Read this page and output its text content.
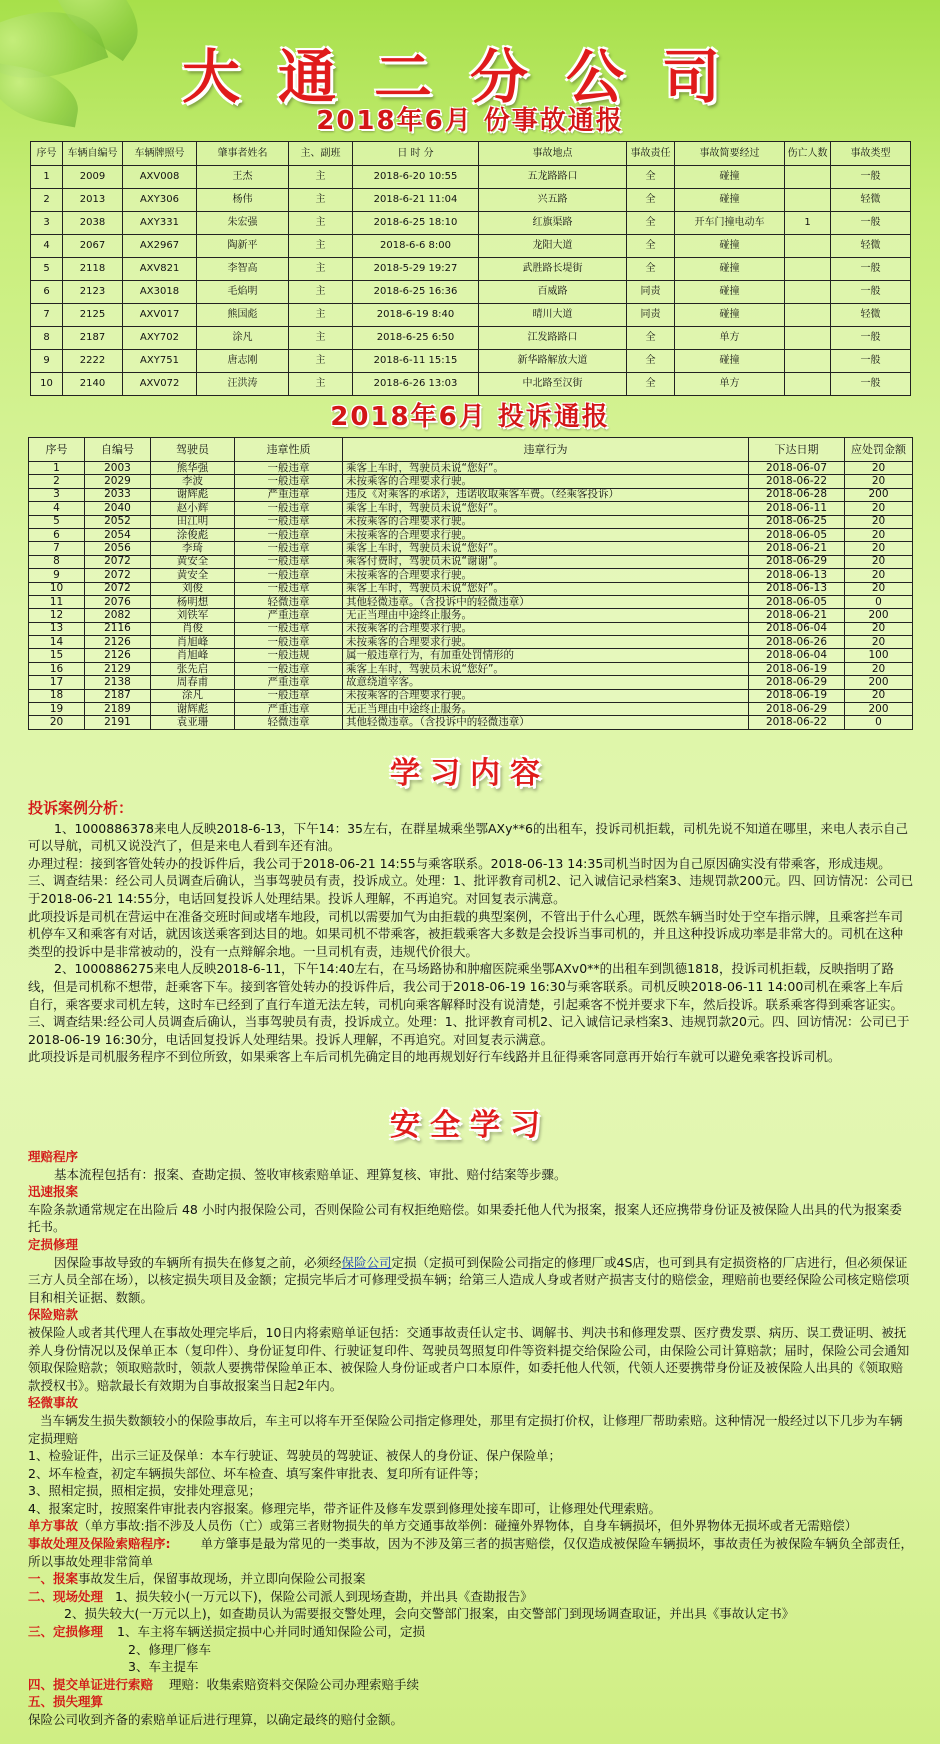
大通二分公司
2018年6月 份事故通报
序号	车辆自编号	车辆牌照号	肇事者姓名	主、副班	日 时 分	事故地点	事故责任	事故简要经过	伤亡人数	事故类型
1	2009	AXV008	王杰	主	2018-6-20 10:55	五龙路路口	全	碰撞		一般
2	2013	AXY306	杨伟	主	2018-6-21 11:04	兴五路	全	碰撞		轻微
3	2038	AXY331	朱宏强	主	2018-6-25 18:10	红旗渠路	全	开车门撞电动车	1	一般
4	2067	AX2967	陶新平	主	2018-6-6 8:00	龙阳大道	全	碰撞		轻微
5	2118	AXV821	李智高	主	2018-5-29 19:27	武胜路长堤街	全	碰撞		一般
6	2123	AX3018	毛焰明	主	2018-6-25 16:36	百威路	同责	碰撞		一般
7	2125	AXV017	熊国彪	主	2018-6-19 8:40	晴川大道	同责	碰撞		轻微
8	2187	AXY702	涂凡	主	2018-6-25 6:50	江发路路口	全	单方		一般
9	2222	AXY751	唐志刚	主	2018-6-11 15:15	新华路解放大道	全	碰撞		一般
10	2140	AXV072	汪洪涛	主	2018-6-26 13:03	中北路至汉街	全	单方		一般
2018年6月 投诉通报
序号	自编号	驾驶员	违章性质	违章行为	下达日期	应处罚金额
1	2003	熊华强	一般违章	乘客上车时，驾驶员未说“您好”。	2018-06-07	20
2	2029	李波	一般违章	未按乘客的合理要求行驶。	2018-06-22	20
3	2033	谢辉彪	严重违章	违反《对乘客的承诺》，违诺收取乘客车费。（经乘客投诉）	2018-06-28	200
4	2040	赵小辉	一般违章	乘客上车时，驾驶员未说“您好”。	2018-06-11	20
5	2052	田江明	一般违章	未按乘客的合理要求行驶。	2018-06-25	20
6	2054	涂俊彪	一般违章	未按乘客的合理要求行驶。	2018-06-05	20
7	2056	李琦	一般违章	乘客上车时，驾驶员未说“您好”。	2018-06-21	20
8	2072	黄安全	一般违章	乘客付费时，驾驶员未说“谢谢”。	2018-06-29	20
9	2072	黄安全	一般违章	未按乘客的合理要求行驶。	2018-06-13	20
10	2072	刘俊	一般违章	乘客上车时，驾驶员未说“您好”。	2018-06-13	20
11	2076	杨明想	轻微违章	其他轻微违章。（含投诉中的轻微违章）	2018-06-05	0
12	2082	刘铁军	严重违章	无正当理由中途终止服务。	2018-06-21	200
13	2116	肖俊	一般违章	未按乘客的合理要求行驶。	2018-06-04	20
14	2126	肖旭峰	一般违章	未按乘客的合理要求行驶。	2018-06-26	20
15	2126	肖旭峰	一般违规	属一般违章行为，有加重处罚情形的	2018-06-04	100
16	2129	张先启	一般违章	乘客上车时，驾驶员未说“您好”。	2018-06-19	20
17	2138	周春甫	严重违章	故意绕道宰客。	2018-06-29	200
18	2187	涂凡	一般违章	未按乘客的合理要求行驶。	2018-06-19	20
19	2189	谢辉彪	严重违章	无正当理由中途终止服务。	2018-06-29	200
20	2191	袁亚珊	轻微违章	其他轻微违章。（含投诉中的轻微违章）	2018-06-22	0
学习内容

投诉案例分析：

1、1000886378来电人反映2018-6-13，下午14：35左右，在群星城乘坐鄂AXy**6的出租车，投诉司机拒载，司机先说不知道在哪里，来电人表示自己可以导航，司机又说没汽了，但是来电人看到车还有油。

办理过程：接到客管处转办的投诉件后，我公司于2018-06-21 14:55与乘客联系。2018-06-13 14:35司机当时因为自己原因确实没有带乘客，形成违规。三、调查结果：经公司人员调查后确认，当事驾驶员有责，投诉成立。处理：1、批评教育司机2、记入诚信记录档案3、违规罚款200元。四、回访情况：公司已于2018-06-21 14:55分，电话回复投诉人处理结果。投诉人理解，不再追究。对回复表示满意。

此项投诉是司机在营运中在准备交班时间或堵车地段，司机以需要加气为由拒载的典型案例，不管出于什么心理，既然车辆当时处于空车指示牌，且乘客拦车司机停车又和乘客有对话，就因该送乘客到达目的地。如果司机不带乘客，被拒载乘客大多数是会投诉当事司机的，并且这种投诉成功率是非常大的。司机在这种类型的投诉中是非常被动的，没有一点辩解余地。一旦司机有责，违规代价很大。

2、1000886275来电人反映2018-6-11，下午14:40左右，在马场路协和肿瘤医院乘坐鄂AXv0**的出租车到凯德1818，投诉司机拒载，反映指明了路线，但是司机称不想带，赶乘客下车。接到客管处转办的投诉件后，我公司于2018-06-19 16:30与乘客联系。司机反映2018-06-11 14:00司机在乘客上车后自行，乘客要求司机左转，这时车已经到了直行车道无法左转，司机向乘客解释时没有说清楚，引起乘客不悦并要求下车，然后投诉。联系乘客得到乘客证实。三、调查结果:经公司人员调查后确认，当事驾驶员有责，投诉成立。处理：1、批评教育司机2、记入诚信记录档案3、违规罚款20元。四、回访情况：公司已于2018-06-19 16:30分，电话回复投诉人处理结果。投诉人理解，不再追究。对回复表示满意。

此项投诉是司机服务程序不到位所致，如果乘客上车后司机先确定目的地再规划好行车线路并且征得乘客同意再开始行车就可以避免乘客投诉司机。

安全学习

理赔程序

基本流程包括有：报案、查勘定损、签收审核索赔单证、理算复核、审批、赔付结案等步骤。

迅速报案

车险条款通常规定在出险后 48 小时内报保险公司，否则保险公司有权拒绝赔偿。如果委托他人代为报案，报案人还应携带身份证及被保险人出具的代为报案委托书。

定损修理

因保险事故导致的车辆所有损失在修复之前，必须经保险公司定损（定损可到保险公司指定的修理厂或4S店，也可到具有定损资格的厂店进行，但必须保证三方人员全部在场），以核定损失项目及金额；定损完毕后才可修理受损车辆；给第三人造成人身或者财产损害支付的赔偿金，理赔前也要经保险公司核定赔偿项目和相关证据、数额。

保险赔款

被保险人或者其代理人在事故处理完毕后，10日内将索赔单证包括：交通事故责任认定书、调解书、判决书和修理发票、医疗费发票、病历、误工费证明、被抚养人身份情况以及保单正本（复印件）、身份证复印件、行驶证复印件、驾驶员驾照复印件等资料提交给保险公司，由保险公司计算赔款；届时，保险公司会通知领取保险赔款；领取赔款时，领款人要携带保险单正本、被保险人身份证或者户口本原件，如委托他人代领，代领人还要携带身份证及被保险人出具的《领取赔款授权书》。赔款最长有效期为自事故报案当日起2年内。

轻微事故

当车辆发生损失数额较小的保险事故后，车主可以将车开至保险公司指定修理处，那里有定损打价权，让修理厂帮助索赔。这种情况一般经过以下几步为车辆定损理赔

1、检验证件，出示三证及保单：本车行驶证、驾驶员的驾驶证、被保人的身份证、保户保险单；

2、坏车检查，初定车辆损失部位、坏车检查、填写案件审批表、复印所有证件等；

3、照相定损，照相定损，安排处理意见；

4、报案定时，按照案件审批表内容报案。修理完毕，带齐证件及修车发票到修理处接车即可，让修理处代理索赔。

单方事故（单方事故:指不涉及人员伤（亡）或第三者财物损失的单方交通事故举例：碰撞外界物体，自身车辆损坏，但外界物体无损坏或者无需赔偿）

事故处理及保险索赔程序: 单方肇事是最为常见的一类事故，因为不涉及第三者的损害赔偿，仅仅造成被保险车辆损坏，事故责任为被保险车辆负全部责任，所以事故处理非常简单

一、报案事故发生后，保留事故现场，并立即向保险公司报案

二、现场处理 1、损失较小(一万元以下)，保险公司派人到现场查勘，并出具《查勘报告》

2、损失较大(一万元以上)，如查勘员认为需要报交警处理，会向交警部门报案，由交警部门到现场调查取证，并出具《事故认定书》

三、定损修理 1、车主将车辆送损定损中心并同时通知保险公司，定损

2、修理厂修车

3、车主提车

四、提交单证进行索赔 理赔：收集索赔资料交保险公司办理索赔手续

五、损失理算

保险公司收到齐备的索赔单证后进行理算，以确定最终的赔付金额。
